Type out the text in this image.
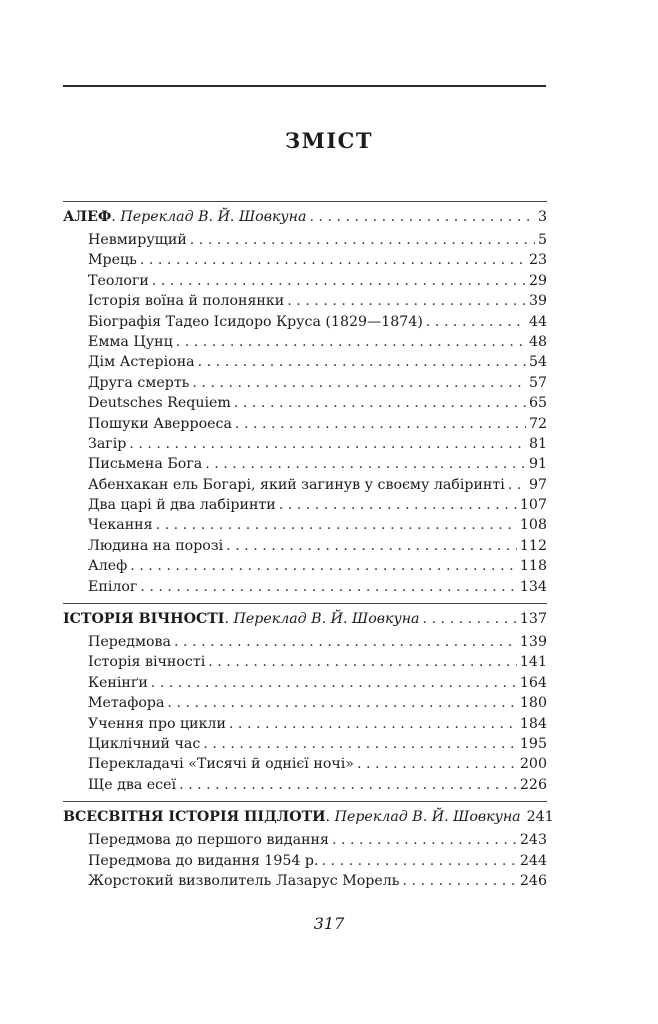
ЗМІСТ
АЛЕФ. Переклад В. Й. Шовкуна . . .	3
Невмирущий . . .	5
Мрець . . .	23
Теологи . . .	29
Історія воїна й полонянки . . .	39
Біографія Тадео Ісидоро Круса (1829—1874) . . .	44
Емма Цунц . . .	48
Дім Астеріона . . .	54
Друга смерть . . .	57
Deutsches Requiem . . .	65
Пошуки Аверроеса . . .	72
Загір . . .	81
Письмена Бога . . .	91
Абенхакан ель Богарі, який загинув у своєму лабіринті . . . 97
Два царі й два лабіринти . . .	107
Чекання . . .	108
Людина на порозі . . .	112
Алеф . . .	118
Епілог . . .	134
ІСТОРІЯ ВІЧНОСТІ. Переклад В. Й. Шовкуна . . .	137
Передмова . . .	139
Історія вічності . . .	141
Кенінґи . . .	164
Метафора . . .	180
Учення про цикли . . .	184
Циклічний час . . .	195
Перекладачі «Тисячі й однієї ночі» . . .	200
Ще два есеї . . .	226
ВСЕСВІТНЯ ІСТОРІЯ ПІДЛОТИ. Переклад В. Й. Шовкуна 241
Передмова до першого видання . . .	243
Передмова до видання 1954 р. . . .	244
Жорстокий визволитель Лазарус Морель . . .	246
317
